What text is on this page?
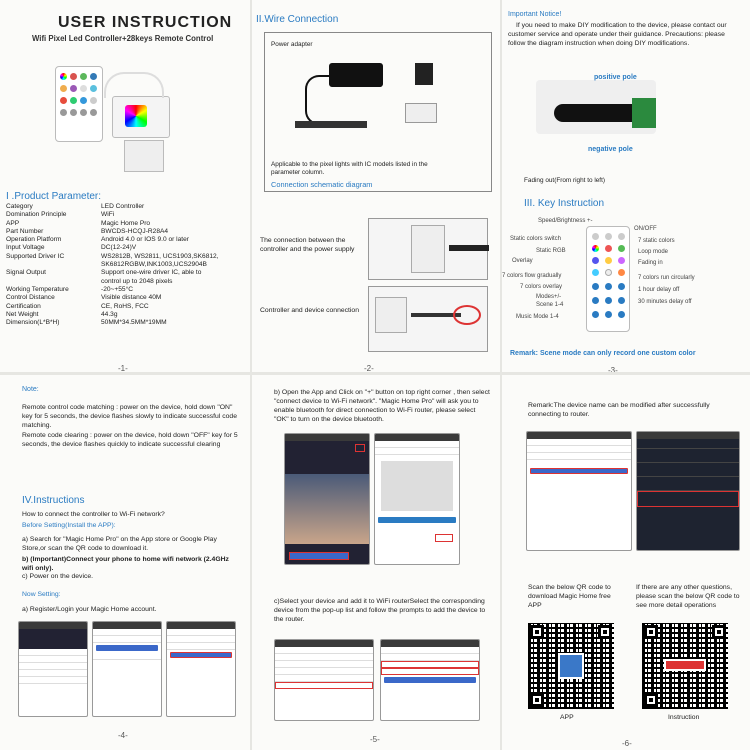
USER INSTRUCTION
Wifi Pixel Led Controller+28keys Remote Control
I .Product Parameter:
Category	LED Controller
Domination Principle	WiFi
APP	Magic Home Pro
Part Number	BWCDS-HCQJ-R28A4
Operation Platform	Android 4.0 or IOS 9.0 or later
Input Voltage	DC(12-24)V
Supported Driver IC	WS2812B, WS2811, UCS1903,SK6812,
SK6812RGBW,INK1003,UCS2904B
Signal Output	Support one-wire driver IC, able to
control up to 2048 pixels
Working Temperature	-20~+55°C
Control Distance	Visible distance 40M
Certification	CE, RoHS, FCC
Net Weight	44.3g
Dimension(L*B*H)	50MM*34.5MM*19MM
-1-
II.Wire Connection
Power adapter
Applicable to the pixel lights with IC models listed in the parameter column.
Connection schematic diagram
The connection between the controller and the power supply
Controller and device connection
-2-
Important Notice!
If you need to make DIY modification to the device, please contact our customer service and operate under their guidance. Precautions: please follow the diagram instruction when doing DIY modifications.
positive pole
negative pole
Fading out(From right to left)
III. Key Instruction
Speed/Brightness +-
Static colors switch
Static RGB
Overlay
7 colors flow gradually
7 colors overlay
Modes+/-
Scene 1-4
Music Mode 1-4
ON/OFF
7 static colors
Loop mode
Fading in
7 colors run circularly
1 hour delay off
30 minutes delay off
Remark: Scene mode can only record one custom color
-3-
Note:
Remote control code matching : power on the device, hold down "ON" key for 5 seconds, the device flashes slowly to indicate successful code matching.
Remote code clearing : power on the device, hold down "OFF" key for 5 seconds, the device flashes quickly to indicate successful clearing
IV.Instructions
How to connect the controller to Wi-Fi network?
Before Setting(Install the APP):
a) Search for "Magic Home Pro" on the App store or Google Play Store,or scan the QR code to download it.
b) (Important)Connect your phone to home wifi network (2.4GHz wifi only).
c) Power on the device.
Now Setting:
a) Register/Login your Magic Home account.
-4-
b) Open the App and Click on "+" button on top right corner , then select "connect device to Wi-Fi network". "Magic Home Pro" will ask you to enable bluetooth for direct connection to Wi-Fi router, please select "OK" to turn on the device bluetooth.
c)Select your device and add it to WiFi routerSelect the corresponding device from the pop-up list and follow the prompts to add the device to the router.
-5-
Remark:The device name can be modified after successfully connecting to router.
Scan the below QR code to download Magic Home free APP
If there are any other questions, please scan the below QR code to see more detail operations
APP	Instruction
-6-
